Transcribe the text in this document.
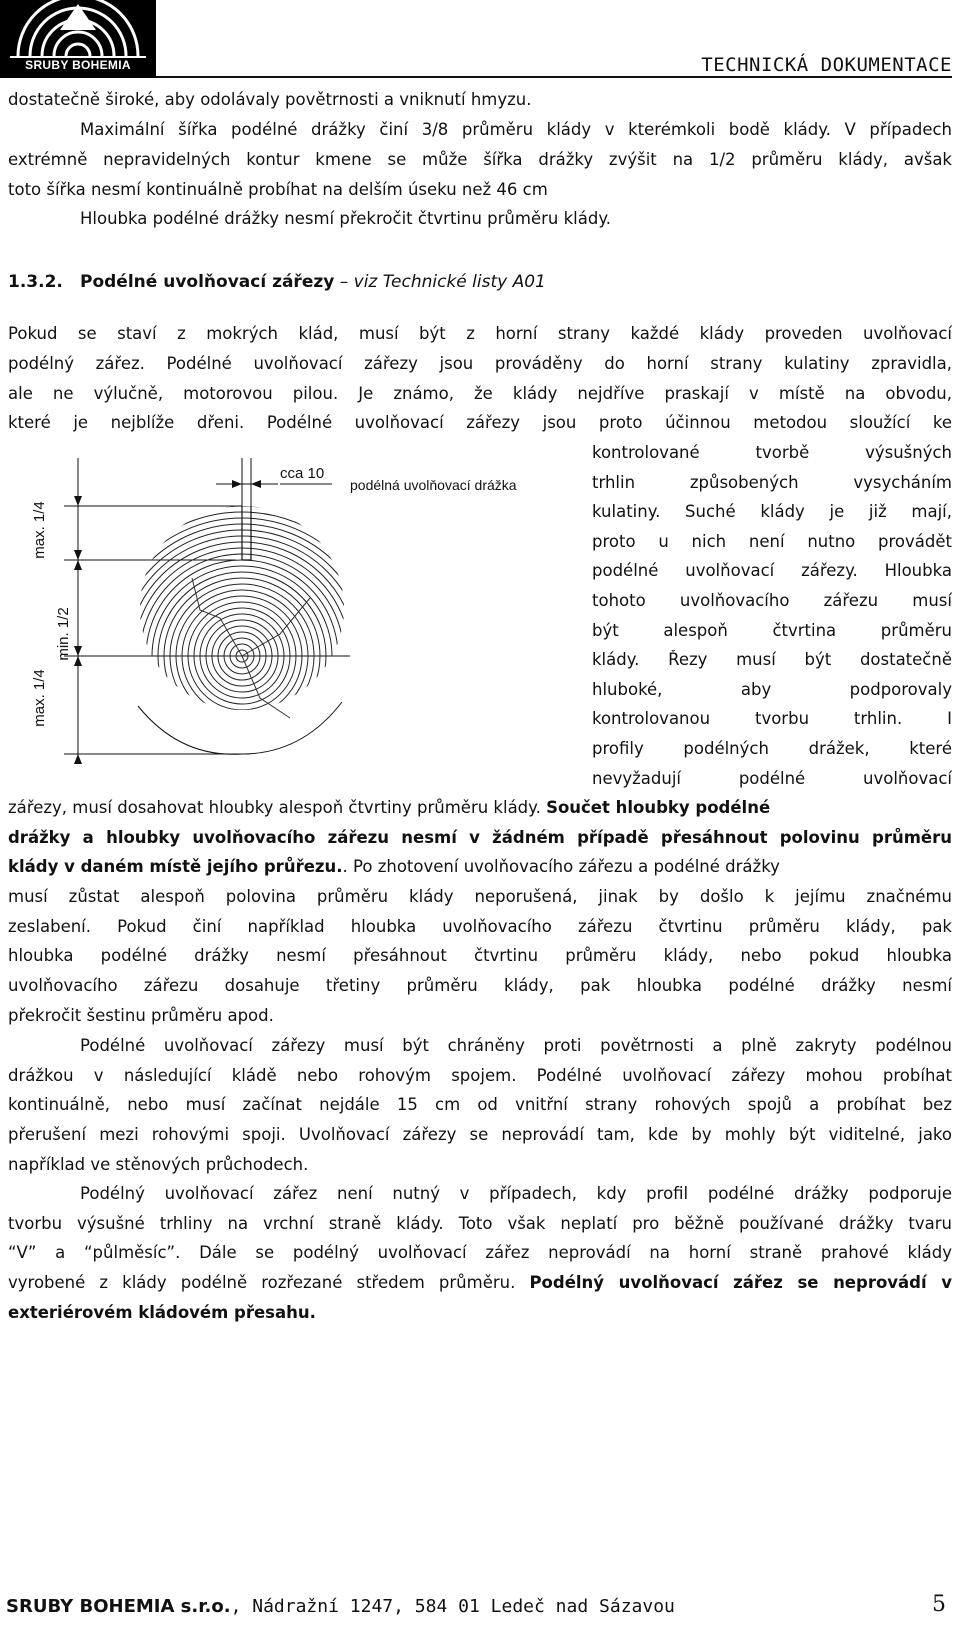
SRUBY BOHEMIA	TECHNICKÁ DOKUMENTACE
dostatečně široké, aby odolávaly povětrnosti a vniknutí hmyzu.
Maximální šířka podélné drážky činí 3/8 průměru klády v kterémkoli bodě klády. V případech
extrémně nepravidelných kontur kmene se může šířka drážky zvýšit na 1/2 průměru klády, avšak
toto šířka nesmí kontinuálně probíhat na delším úseku než 46 cm
Hloubka podélné drážky nesmí překročit čtvrtinu průměru klády.
1.3.2. Podélné uvolňovací zářezy – viz Technické listy A01
Pokud se staví z mokrých klád, musí být z horní strany každé klády proveden uvolňovací
podélný zářez. Podélné uvolňovací zářezy jsou prováděny do horní strany kulatiny zpravidla,
ale ne výlučně, motorovou pilou. Je známo, že klády nejdříve praskají v místě na obvodu,
které je nejblíže dřeni. Podélné uvolňovací zářezy jsou proto účinnou metodou sloužící ke
kontrolované tvorbě výsušných
trhlin způsobených vysycháním
kulatiny. Suché klády je již mají,
proto u nich není nutno provádět
podélné uvolňovací zářezy. Hloubka
tohoto uvolňovacího zářezu musí
být alespoň čtvrtina průměru
klády. Řezy musí být dostatečně
hluboké, aby podporovaly
kontrolovanou tvorbu trhlin. I
profily podélných drážek, které
nevyžadují podélné uvolňovací
max. 1/4
min. 1/2
max. 1/4
cca 10
podélná uvolňovací drážka
zářezy, musí dosahovat hloubky alespoň čtvrtiny průměru klády. Součet hloubky podélné
drážky a hloubky uvolňovacího zářezu nesmí v žádném případě přesáhnout polovinu průměru
klády v daném místě jejího průřezu.. Po zhotovení uvolňovacího zářezu a podélné drážky
musí zůstat alespoň polovina průměru klády neporušená, jinak by došlo k jejímu značnému
zeslabení. Pokud činí například hloubka uvolňovacího zářezu čtvrtinu průměru klády, pak
hloubka podélné drážky nesmí přesáhnout čtvrtinu průměru klády, nebo pokud hloubka
uvolňovacího zářezu dosahuje třetiny průměru klády, pak hloubka podélné drážky nesmí
překročit šestinu průměru apod.
Podélné uvolňovací zářezy musí být chráněny proti povětrnosti a plně zakryty podélnou
drážkou v následující kládě nebo rohovým spojem. Podélné uvolňovací zářezy mohou probíhat
kontinuálně, nebo musí začínat nejdále 15 cm od vnitřní strany rohových spojů a probíhat bez
přerušení mezi rohovými spoji. Uvolňovací zářezy se neprovádí tam, kde by mohly být viditelné, jako
například ve stěnových průchodech.
Podélný uvolňovací zářez není nutný v případech, kdy profil podélné drážky podporuje
tvorbu výsušné trhliny na vrchní straně klády. Toto však neplatí pro běžně používané drážky tvaru
“V” a “půlměsíc”. Dále se podélný uvolňovací zářez neprovádí na horní straně prahové klády
vyrobené z klády podélně rozřezané středem průměru. Podélný uvolňovací zářez se neprovádí v
exteriérovém kládovém přesahu.
SRUBY BOHEMIA s.r.o., Nádražní 1247, 584 01 Ledeč nad Sázavou	5
